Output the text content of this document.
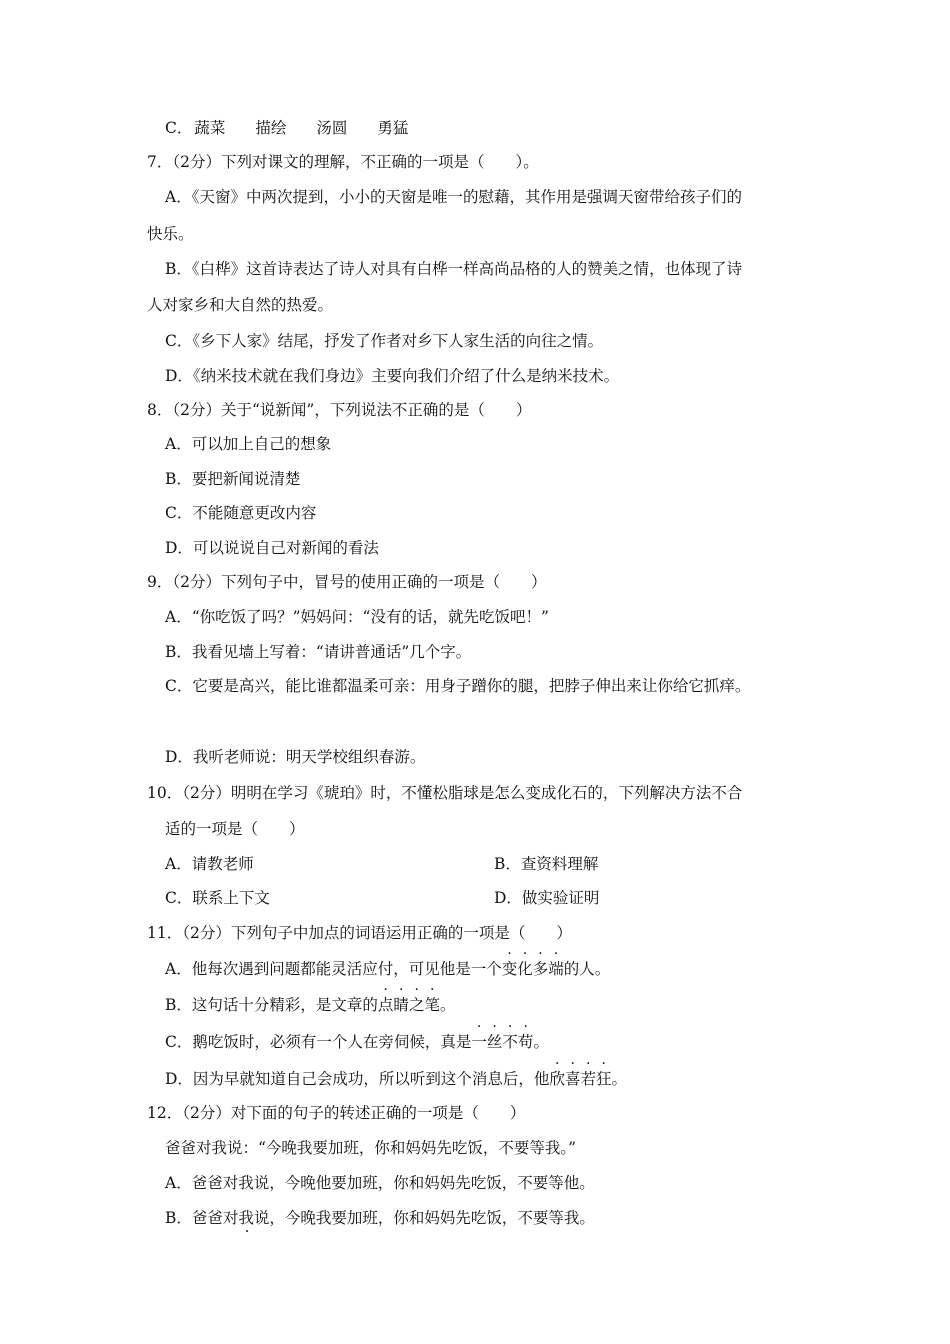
C． 蔬菜 描绘 汤圆 勇猛
7．（2分）下列对课文的理解，不正确的一项是（　　）。
A．《天窗》中两次提到，小小的天窗是唯一的慰藉，其作用是强调天窗带给孩子们的
快乐。
B．《白桦》这首诗表达了诗人对具有白桦一样高尚品格的人的赞美之情，也体现了诗
人对家乡和大自然的热爱。
C．《乡下人家》结尾，抒发了作者对乡下人家生活的向往之情。
D．《纳米技术就在我们身边》主要向我们介绍了什么是纳米技术。
8．（2分）关于“说新闻”，下列说法不正确的是（　　）
A．可以加上自己的想象
B．要把新闻说清楚
C．不能随意更改内容
D．可以说说自己对新闻的看法
9．（2分）下列句子中，冒号的使用正确的一项是（　　）
A．“你吃饭了吗？”妈妈问：“没有的话，就先吃饭吧！”
B．我看见墙上写着：“请讲普通话”几个字。
C．它要是高兴，能比谁都温柔可亲：用身子蹭你的腿，把脖子伸出来让你给它抓痒。
D．我听老师说：明天学校组织春游。
10．（2分）明明在学习《琥珀》时，不懂松脂球是怎么变成化石的，下列解决方法不合
适的一项是（　　）
A．请教老师	B．查资料理解
C．联系上下文	D．做实验证明
11．（2分）下列句子中加点的词语运用正确的一项是（　　）
A．他每次遇到问题都能灵活应付，可见他是一个变化多端的人。
B．这句话十分精彩，是文章的点睛之笔。
C．鹅吃饭时，必须有一个人在旁伺候，真是一丝不苟。
D．因为早就知道自己会成功，所以听到这个消息后，他欣喜若狂。
12．（2分）对下面的句子的转述正确的一项是（　　）
爸爸对我说：“今晚我要加班，你和妈妈先吃饭，不要等我。”
A．爸爸对我说，今晚他要加班，你和妈妈先吃饭，不要等他。
B．爸爸对我说，今晚我要加班，你和妈妈先吃饭，不要等我。
